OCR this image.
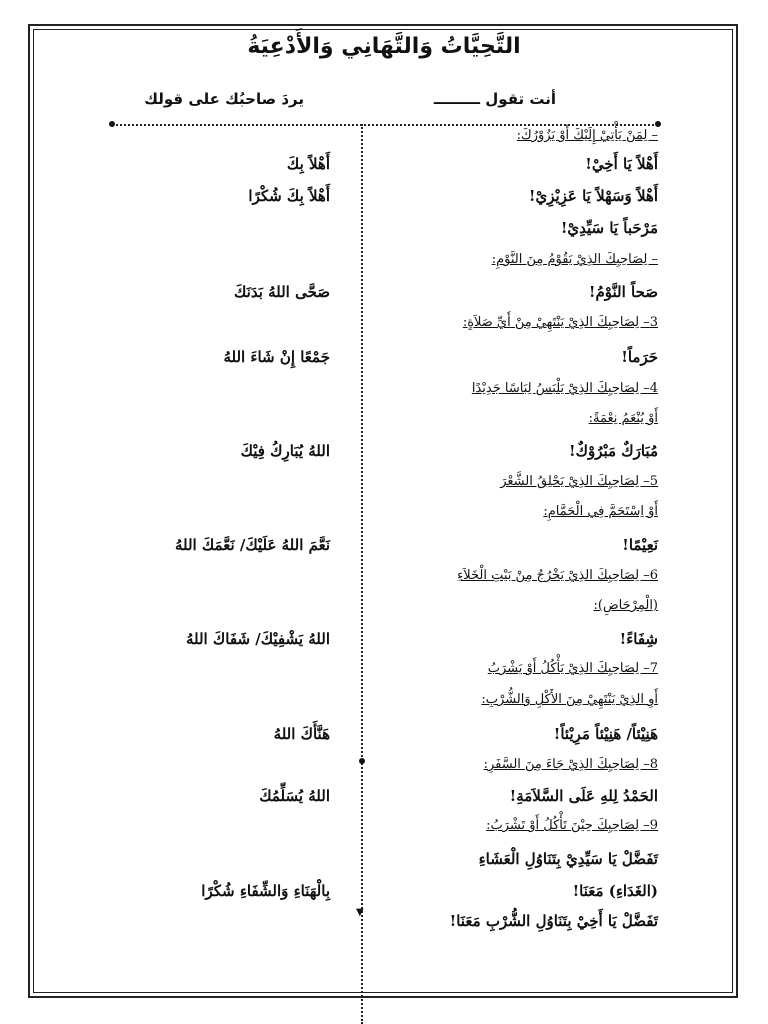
التَّحِيَّاتُ وَالتَّهَانِي وَالأَدْعِيَةُ
أنت تقول ـــــــــ
يردَ صاحبُك على قولك
▼
– لِمَنْ يَأْتِيْ إِلَيْكَ أَوْ يَزُوْرُكَ:
أَهْلاً يَا أَخِيْ!
أَهْلاً بِكَ
أَهْلاً وَسَهْلاً يَا عَزِيْزِيْ!
أَهْلاً بِكَ شُكْرًا
مَرْحَباً يَا سَيِّدِيْ!
– لِصَاحِبِكَ الذِيْ يَقُوْمُ مِنَ النَّوْمِ:
صَحاً النَّوْمُ!
صَحَّى اللهُ بَدَنَكَ
3– لِصَاحِبِكَ الذِيْ يَنْتَهِيْ مِنْ أَيِّ صَلاَةٍ:
حَرَماً!
جَمْعًا إِنْ شَاءَ اللهُ
4– لِصَاحِبِكَ الذِيْ يَلْبَسُ لِبَاسًا جَدِيْدًا
أَوْ يُنْعَمُ نِعْمَةً:
مُبَارَكٌ مَبْرُوْكٌ!
اللهُ يُبَارِكُ فِيْكَ
5– لِصَاحِبِكَ الذِيْ يَحْلِقُ الشَّعْرَ
أَوْ اِسْتَحَمَّ فِي الْحَمَّامِ:
نَعِيْمًا!
نَعَّمَ اللهُ عَلَيْكَ/ نَعَّمَكَ اللهُ
6– لِصَاحِبِكَ الذِيْ يَخْرُجُ مِنْ بَيْتِ الْخَلاَءِ
(الْمِرْحَاضِ):
شِفَاءً!
اللهُ يَشْفِيْكَ/ شَفَاكَ اللهُ
7– لِصَاحِبِكَ الذِيْ يَأْكُلُ أَوْ يَشْرَبُ
أَوِ الذِيْ يَنْتَهِيْ مِنَ الأَكْلِ وَالشُّرْبِ:
هَنِيْئاً/ هَنِيْئاً مَرِيْئاً!
هَنَّأَكَ اللهُ
8– لِصَاحِبِكَ الذِيْ جَاءَ مِنَ السَّفَرِ:
الحَمْدُ لِلهِ عَلَى السَّلاَمَةِ!
اللهُ يُسَلِّمُكَ
9– لِصَاحِبِكَ حِيْنَ تَأْكُلُ أَوْ تَشْرَبُ:
تَفَضَّلْ يَا سَيِّدِيْ بِتَنَاوُلِ الْعَشَاءِ
(الغَدَاءِ) مَعَنَا!
بِالْهَنَاءِ وَالشِّفَاءِ شُكْرًا
تَفَضَّلْ يَا أَخِيْ بِتَنَاوُلِ الشُّرْبِ مَعَنَا!
